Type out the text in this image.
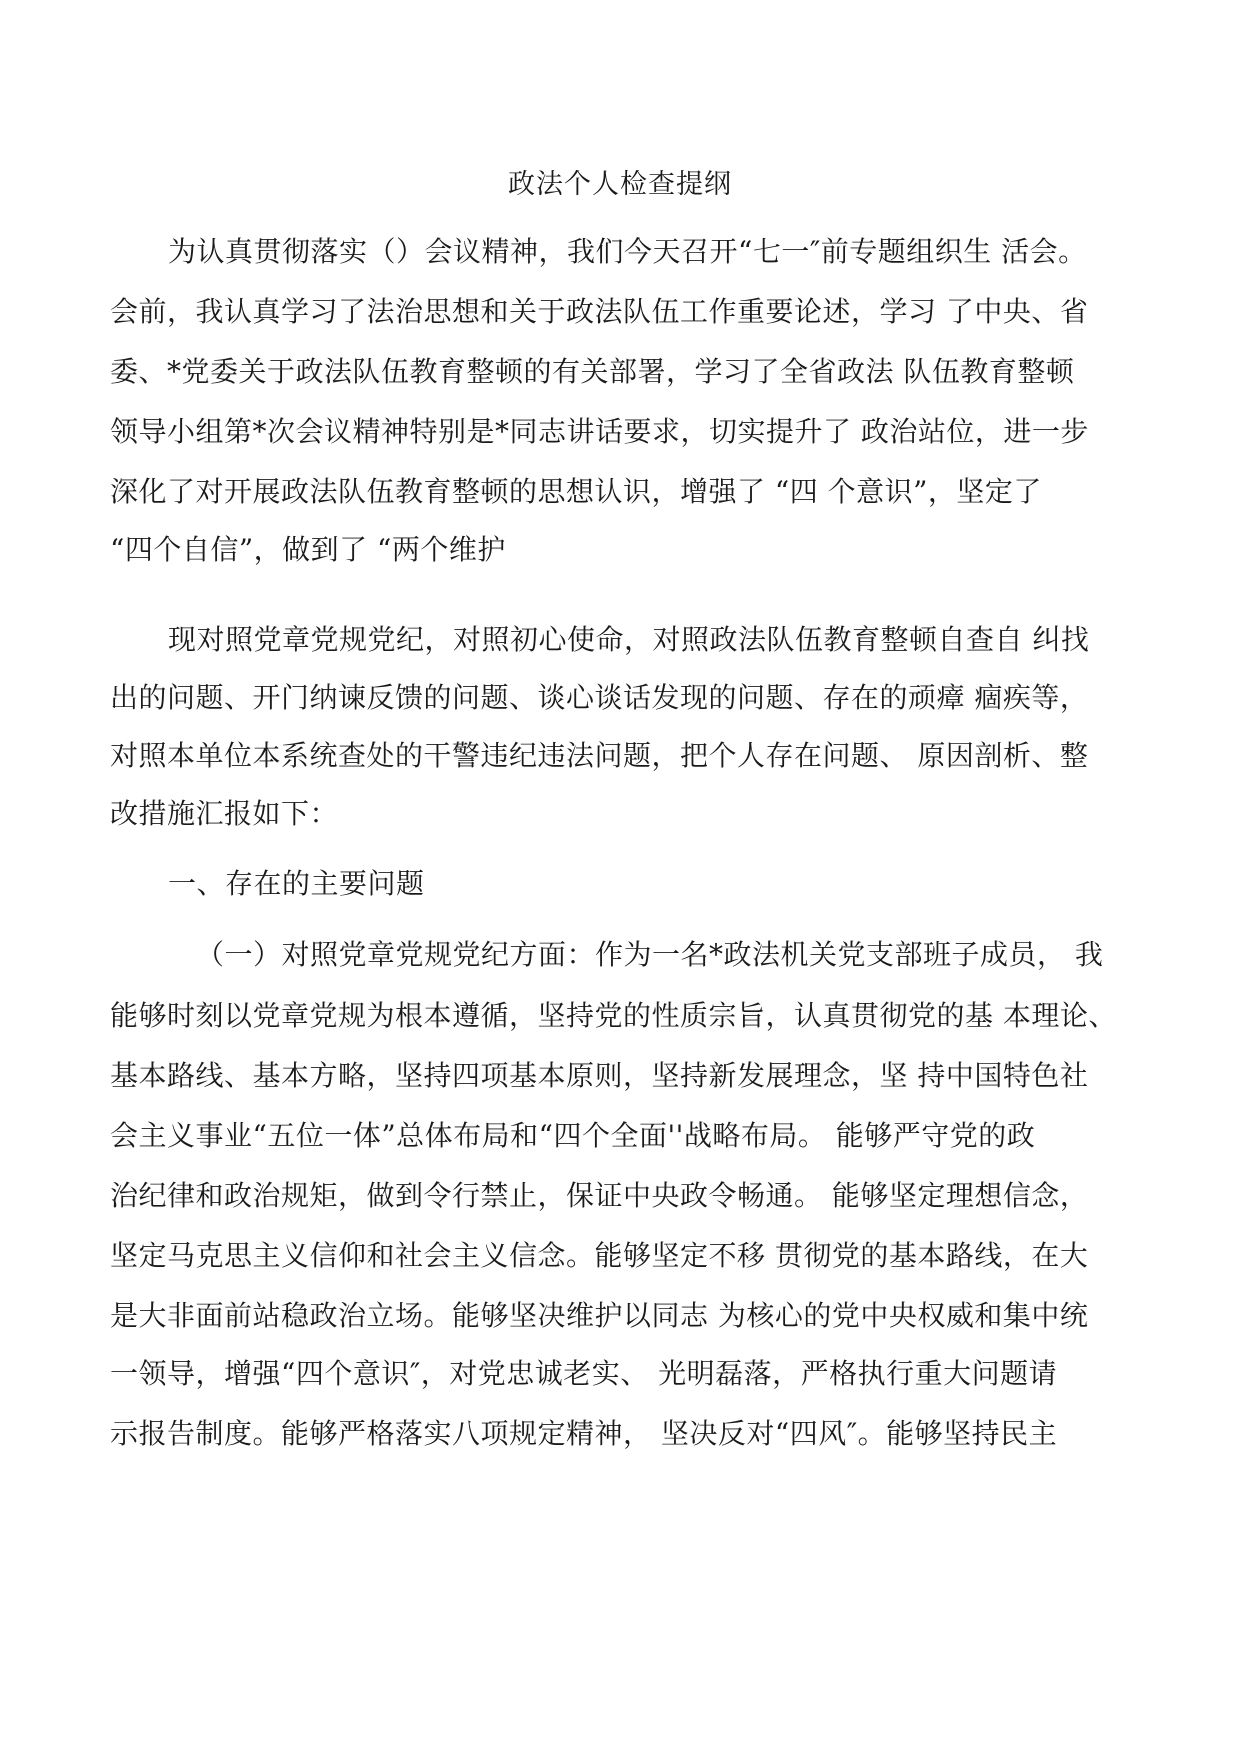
政法个人检查提纲
为认真贯彻落实（）会议精神，我们今天召开“七一″前专题组织生 活会。
会前，我认真学习了法治思想和关于政法队伍工作重要论述，学习 了中央、省
委、*党委关于政法队伍教育整顿的有关部署，学习了全省政法 队伍教育整顿
领导小组第*次会议精神特别是*同志讲话要求，切实提升了 政治站位，进一步
深化了对开展政法队伍教育整顿的思想认识，增强了 “四 个意识”，坚定了
“四个自信”，做到了 “两个维护
现对照党章党规党纪，对照初心使命，对照政法队伍教育整顿自查自 纠找
出的问题、开门纳谏反馈的问题、谈心谈话发现的问题、存在的顽瘴 痼疾等，
对照本单位本系统查处的干警违纪违法问题，把个人存在问题、 原因剖析、整
改措施汇报如下：
一、存在的主要问题
（一）对照党章党规党纪方面：作为一名*政法机关党支部班子成员， 我
能够时刻以党章党规为根本遵循，坚持党的性质宗旨，认真贯彻党的基 本理论、
基本路线、基本方略，坚持四项基本原则，坚持新发展理念，坚 持中国特色社
会主义事业“五位一体”总体布局和“四个全面''战略布局。 能够严守党的政
治纪律和政治规矩，做到令行禁止，保证中央政令畅通。 能够坚定理想信念，
坚定马克思主义信仰和社会主义信念。能够坚定不移 贯彻党的基本路线，在大
是大非面前站稳政治立场。能够坚决维护以同志 为核心的党中央权威和集中统
一领导，增强“四个意识″，对党忠诚老实、 光明磊落，严格执行重大问题请
示报告制度。能够严格落实八项规定精神， 坚决反对“四风″。能够坚持民主
